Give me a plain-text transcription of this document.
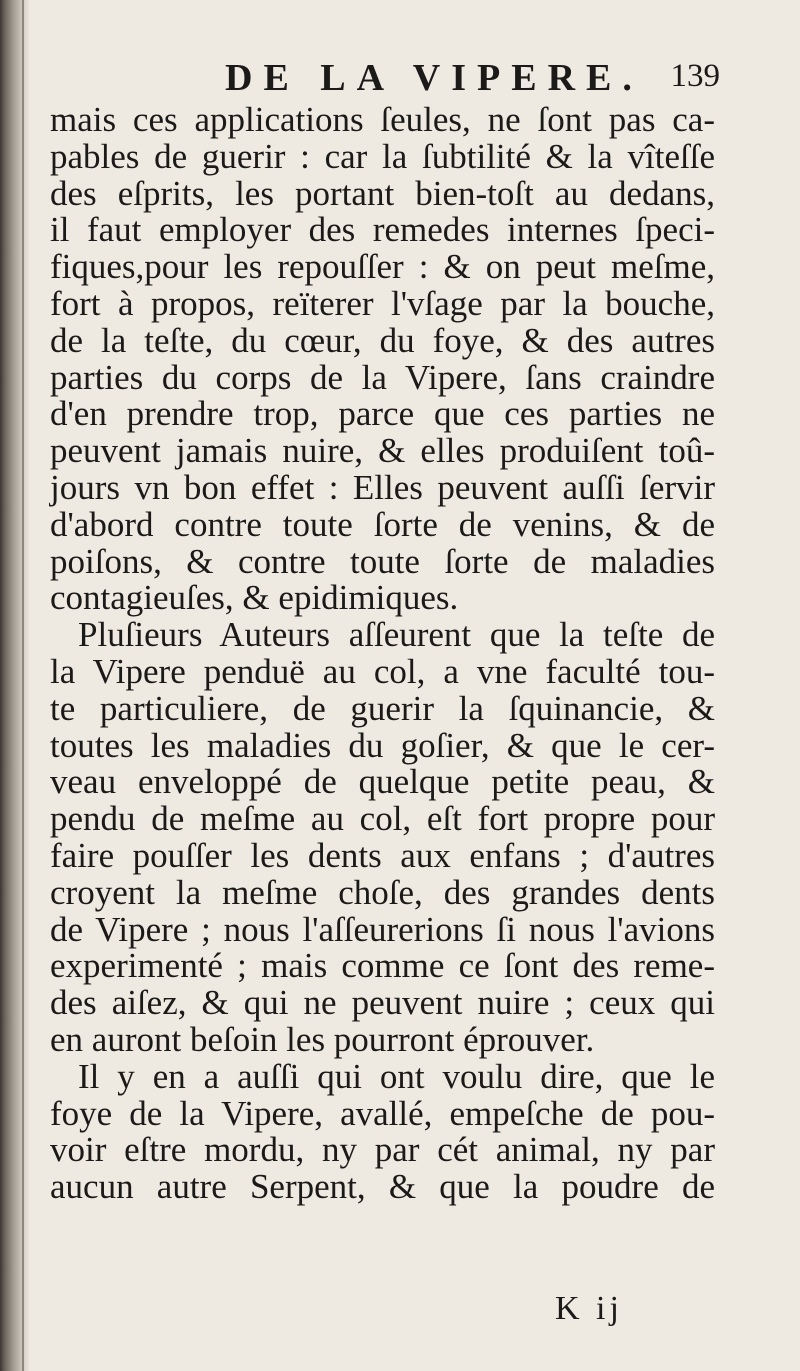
DE LA VIPERE. 139
mais ces applications ſeules, ne ſont pas ca-
pables de guerir : car la ſubtilité & la vîteſſe
des eſprits, les portant bien-toſt au dedans,
il faut employer des remedes internes ſpeci-
fiques,pour les repouſſer : & on peut meſme,
fort à propos, reïterer l'vſage par la bouche,
de la teſte, du cœur, du foye, & des autres
parties du corps de la Vipere, ſans craindre
d'en prendre trop, parce que ces parties ne
peuvent jamais nuire, & elles produiſent toû-
jours vn bon effet : Elles peuvent auſſi ſervir
d'abord contre toute ſorte de venins, & de
poiſons, & contre toute ſorte de maladies
contagieuſes, & epidimiques.
Pluſieurs Auteurs aſſeurent que la teſte de
la Vipere penduë au col, a vne faculté tou-
te particuliere, de guerir la ſquinancie, &
toutes les maladies du goſier, & que le cer-
veau enveloppé de quelque petite peau, &
pendu de meſme au col, eſt fort propre pour
faire pouſſer les dents aux enfans ; d'autres
croyent la meſme choſe, des grandes dents
de Vipere ; nous l'aſſeurerions ſi nous l'avions
experimenté ; mais comme ce ſont des reme-
des aiſez, & qui ne peuvent nuire ; ceux qui
en auront beſoin les pourront éprouver.
Il y en a auſſi qui ont voulu dire, que le
foye de la Vipere, avallé, empeſche de pou-
voir eſtre mordu, ny par cét animal, ny par
aucun autre Serpent, & que la poudre de
K ij
